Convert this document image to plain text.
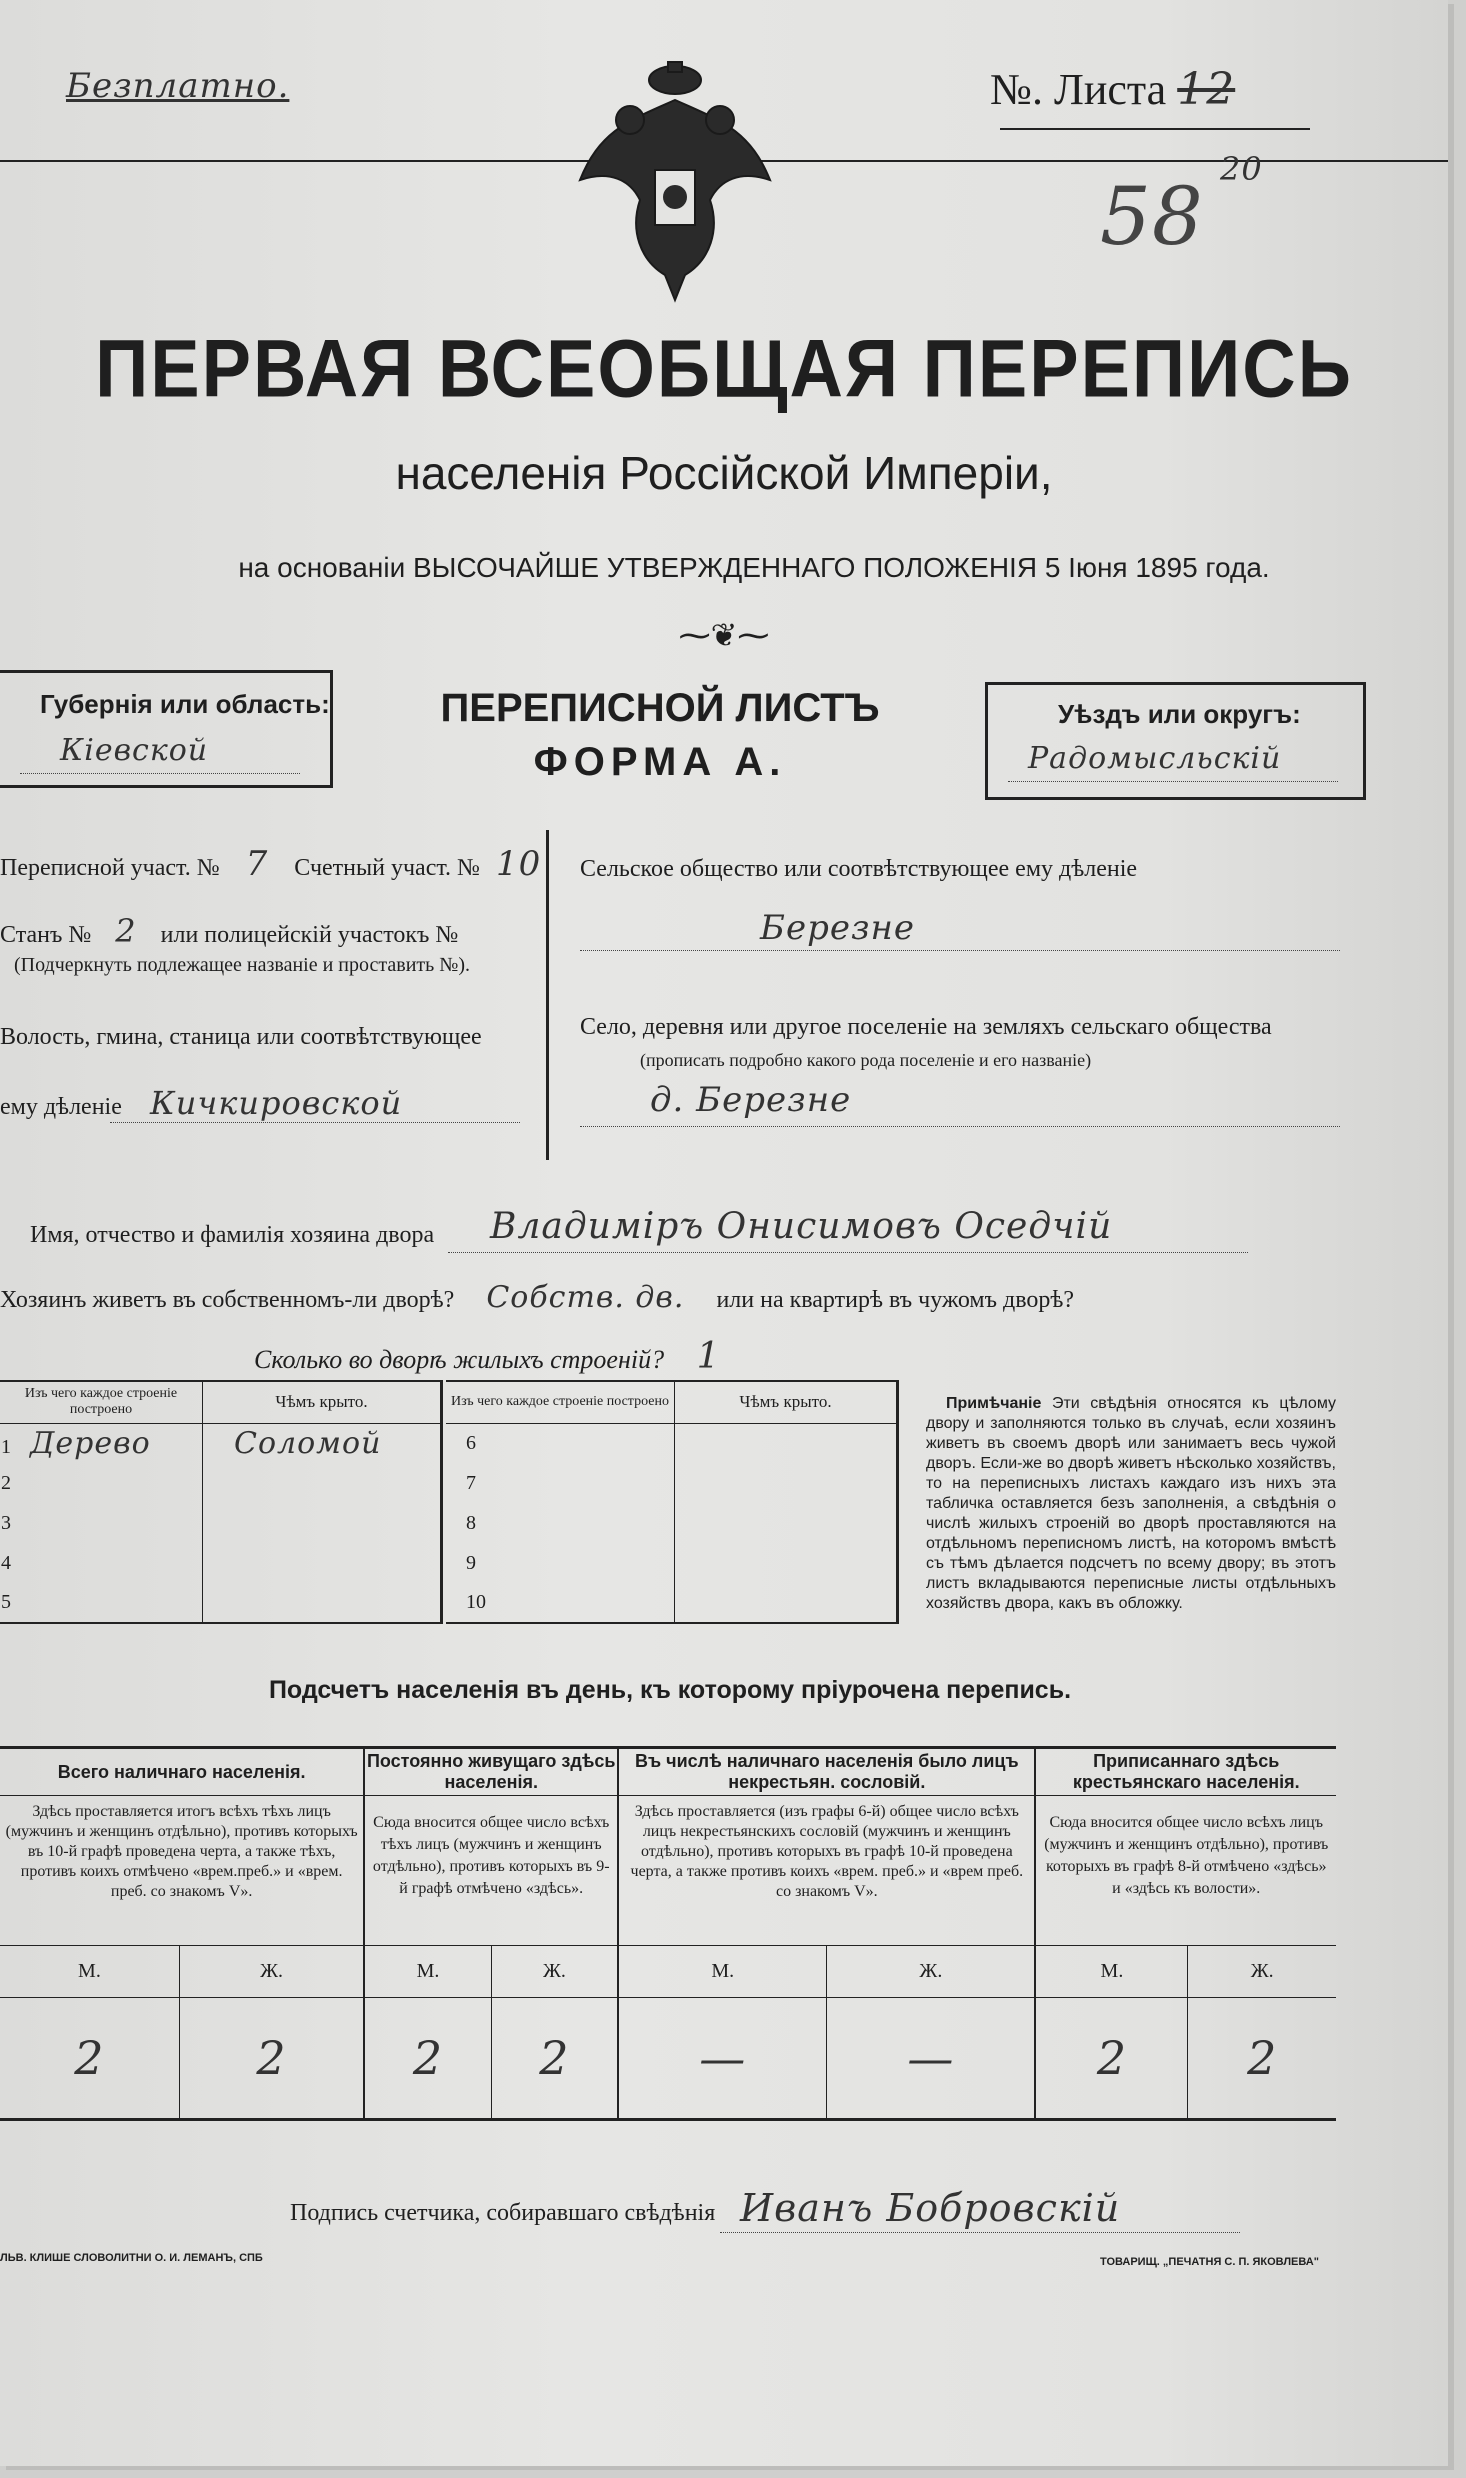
Безплатно.	№. Листа 12
20
58
ПЕРВАЯ ВСЕОБЩАЯ ПЕРЕПИСЬ
населенія Россійской Имперіи,
на основаніи ВЫСОЧАЙШЕ УТВЕРЖДЕННАГО ПОЛОЖЕНІЯ 5 Іюня 1895 года.
⁓❦⁓
Губернія или область:
Кіевской
ПЕРЕПИСНОЙ ЛИСТЪ
ФОРМА А.
Уѣздъ или округъ:
Радомысльскій
Переписной участ. № 7 Счетный участ. № 10
Станъ № 2 или полицейскій участокъ №
(Подчеркнуть подлежащее названіе и проставить №).
Волость, гмина, станица или соотвѣтствующее
ему дѣленіе Кичкировской
Сельское общество или соотвѣтствующее ему дѣленіе
Березнe
Село, деревня или другое поселеніе на земляхъ сельскаго общества
(прописать подробно какого рода поселеніе и его названіе)
д. Березне
Имя, отчество и фамилія хозяина двора Владиміръ Онисимовъ Оседчій
Хозяинъ живетъ въ собственномъ-ли дворѣ? Собств. дв. или на квартирѣ въ чужомъ дворѣ?
Сколько во дворѣ жилыхъ строеній? 1
Изъ чего каждое строеніе построено	Чѣмъ крыто.
1 Дерево	Соломой
2	
3	
4	
5	
Изъ чего каждое строеніе построено	Чѣмъ крыто.
6	
7	
8	
9	
10	
Примѣчаніе Эти свѣдѣнія относятся къ цѣлому двору и заполняются только въ случаѣ, если хозяинъ живетъ въ своемъ дворѣ или занимаетъ весь чужой дворъ. Если-же во дворѣ живетъ нѣсколько хозяйствъ, то на переписныхъ листахъ каждаго изъ нихъ эта табличка оставляется безъ заполненія, а свѣдѣнія о числѣ жилыхъ строеній во дворѣ проставляются на отдѣльномъ переписномъ листѣ, на которомъ вмѣстѣ съ тѣмъ дѣлается подсчетъ по всему двору; въ этотъ листъ вкладываются переписные листы отдѣльныхъ хозяйствъ двора, какъ въ обложку.
Подсчетъ населенія въ день, къ которому пріурочена перепись.
Всего наличнаго населенія.		Постоянно живущаго здѣсь населенія.		Въ числѣ наличнаго населенія было лицъ некрестьян. сословій.		Приписаннаго здѣсь крестьянскаго населенія.	
Здѣсь проставляется итогъ всѣхъ тѣхъ лицъ (мужчинъ и женщинъ отдѣльно), противъ которыхъ въ 10-й графѣ проведена черта, а также тѣхъ, противъ коихъ отмѣчено «врем.преб.» и «врем. преб. со знакомъ V».		Сюда вносится общее число всѣхъ тѣхъ лицъ (мужчинъ и женщинъ отдѣльно), противъ которыхъ въ 9-й графѣ отмѣчено «здѣсь».		Здѣсь проставляется (изъ графы 6-й) общее число всѣхъ лицъ некрестьянскихъ сословій (мужчинъ и женщинъ отдѣльно), противъ которыхъ въ графѣ 10-й проведена черта, а также противъ коихъ «врем. преб.» и «врем преб. со знакомъ V».		Сюда вносится общее число всѣхъ лицъ (мужчинъ и женщинъ отдѣльно), противъ которыхъ въ графѣ 8-й отмѣчено «здѣсь» и «здѣсь къ волости».	
М.	Ж.	М.	Ж.	М.	Ж.	М.	Ж.
2	2	2	2	—	—	2	2
Подпись счетчика, собиравшаго свѣдѣнія Иванъ Бобровскій
ЛЬВ. КЛИШЕ СЛОВОЛИТНИ О. И. ЛЕМАНЪ, СПБ	ТОВАРИЩ. „ПЕЧАТНЯ С. П. ЯКОВЛЕВА"
